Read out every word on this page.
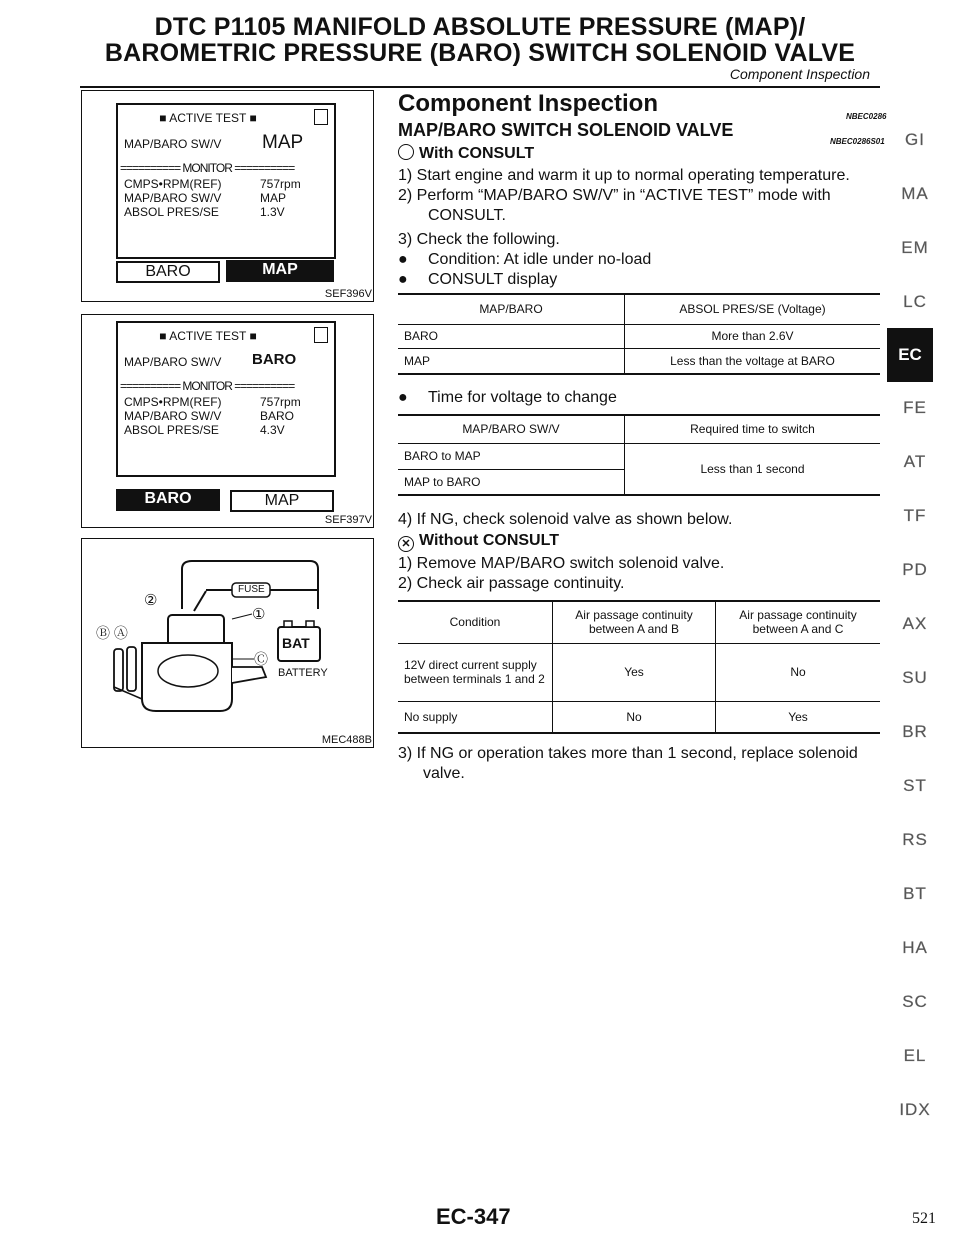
DTC P1105 MANIFOLD ABSOLUTE PRESSURE (MAP)/
BAROMETRIC PRESSURE (BARO) SWITCH SOLENOID VALVE
Component Inspection
■ ACTIVE TEST ■
MAP/BARO SW/V MAP
========== MONITOR ==========
CMPS•RPM(REF)	757rpm
MAP/BARO SW/V	MAP
ABSOL PRES/SE	1.3V
BARO	MAP
SEF396V
■ ACTIVE TEST ■
MAP/BARO SW/V BARO
========== MONITOR ==========
CMPS•RPM(REF)	757rpm
MAP/BARO SW/V	BARO
ABSOL PRES/SE	4.3V
BARO	MAP
SEF397V
FUSE
BAT
BATTERY
①
②
Ⓑ Ⓐ
Ⓒ
MEC488B
Component Inspection	NBEC0286
MAP/BARO SWITCH SOLENOID VALVE
NBEC0286S01
With CONSULT
1) Start engine and warm it up to normal operating temperature.
2) Perform “MAP/BARO SW/V” in “ACTIVE TEST” mode with
CONSULT.
3) Check the following.
● Condition: At idle under no-load
● CONSULT display
MAP/BARO	ABSOL PRES/SE (Voltage)
BARO	More than 2.6V
MAP	Less than the voltage at BARO
● Time for voltage to change
MAP/BARO SW/V	Required time to switch
BARO to MAP	Less than 1 second
MAP to BARO	
4) If NG, check solenoid valve as shown below.
✕ Without CONSULT
1) Remove MAP/BARO switch solenoid valve.
2) Check air passage continuity.
Condition	Air passage continuity between A and B	Air passage continuity between A and C
12V direct current supply between terminals 1 and 2	Yes	No
No supply	No	Yes
3) If NG or operation takes more than 1 second, replace solenoid
valve.
GI
MA
EM
LC
EC
FE
AT
TF
PD
AX
SU
BR
ST
RS
BT
HA
SC
EL
IDX
EC-347	521
